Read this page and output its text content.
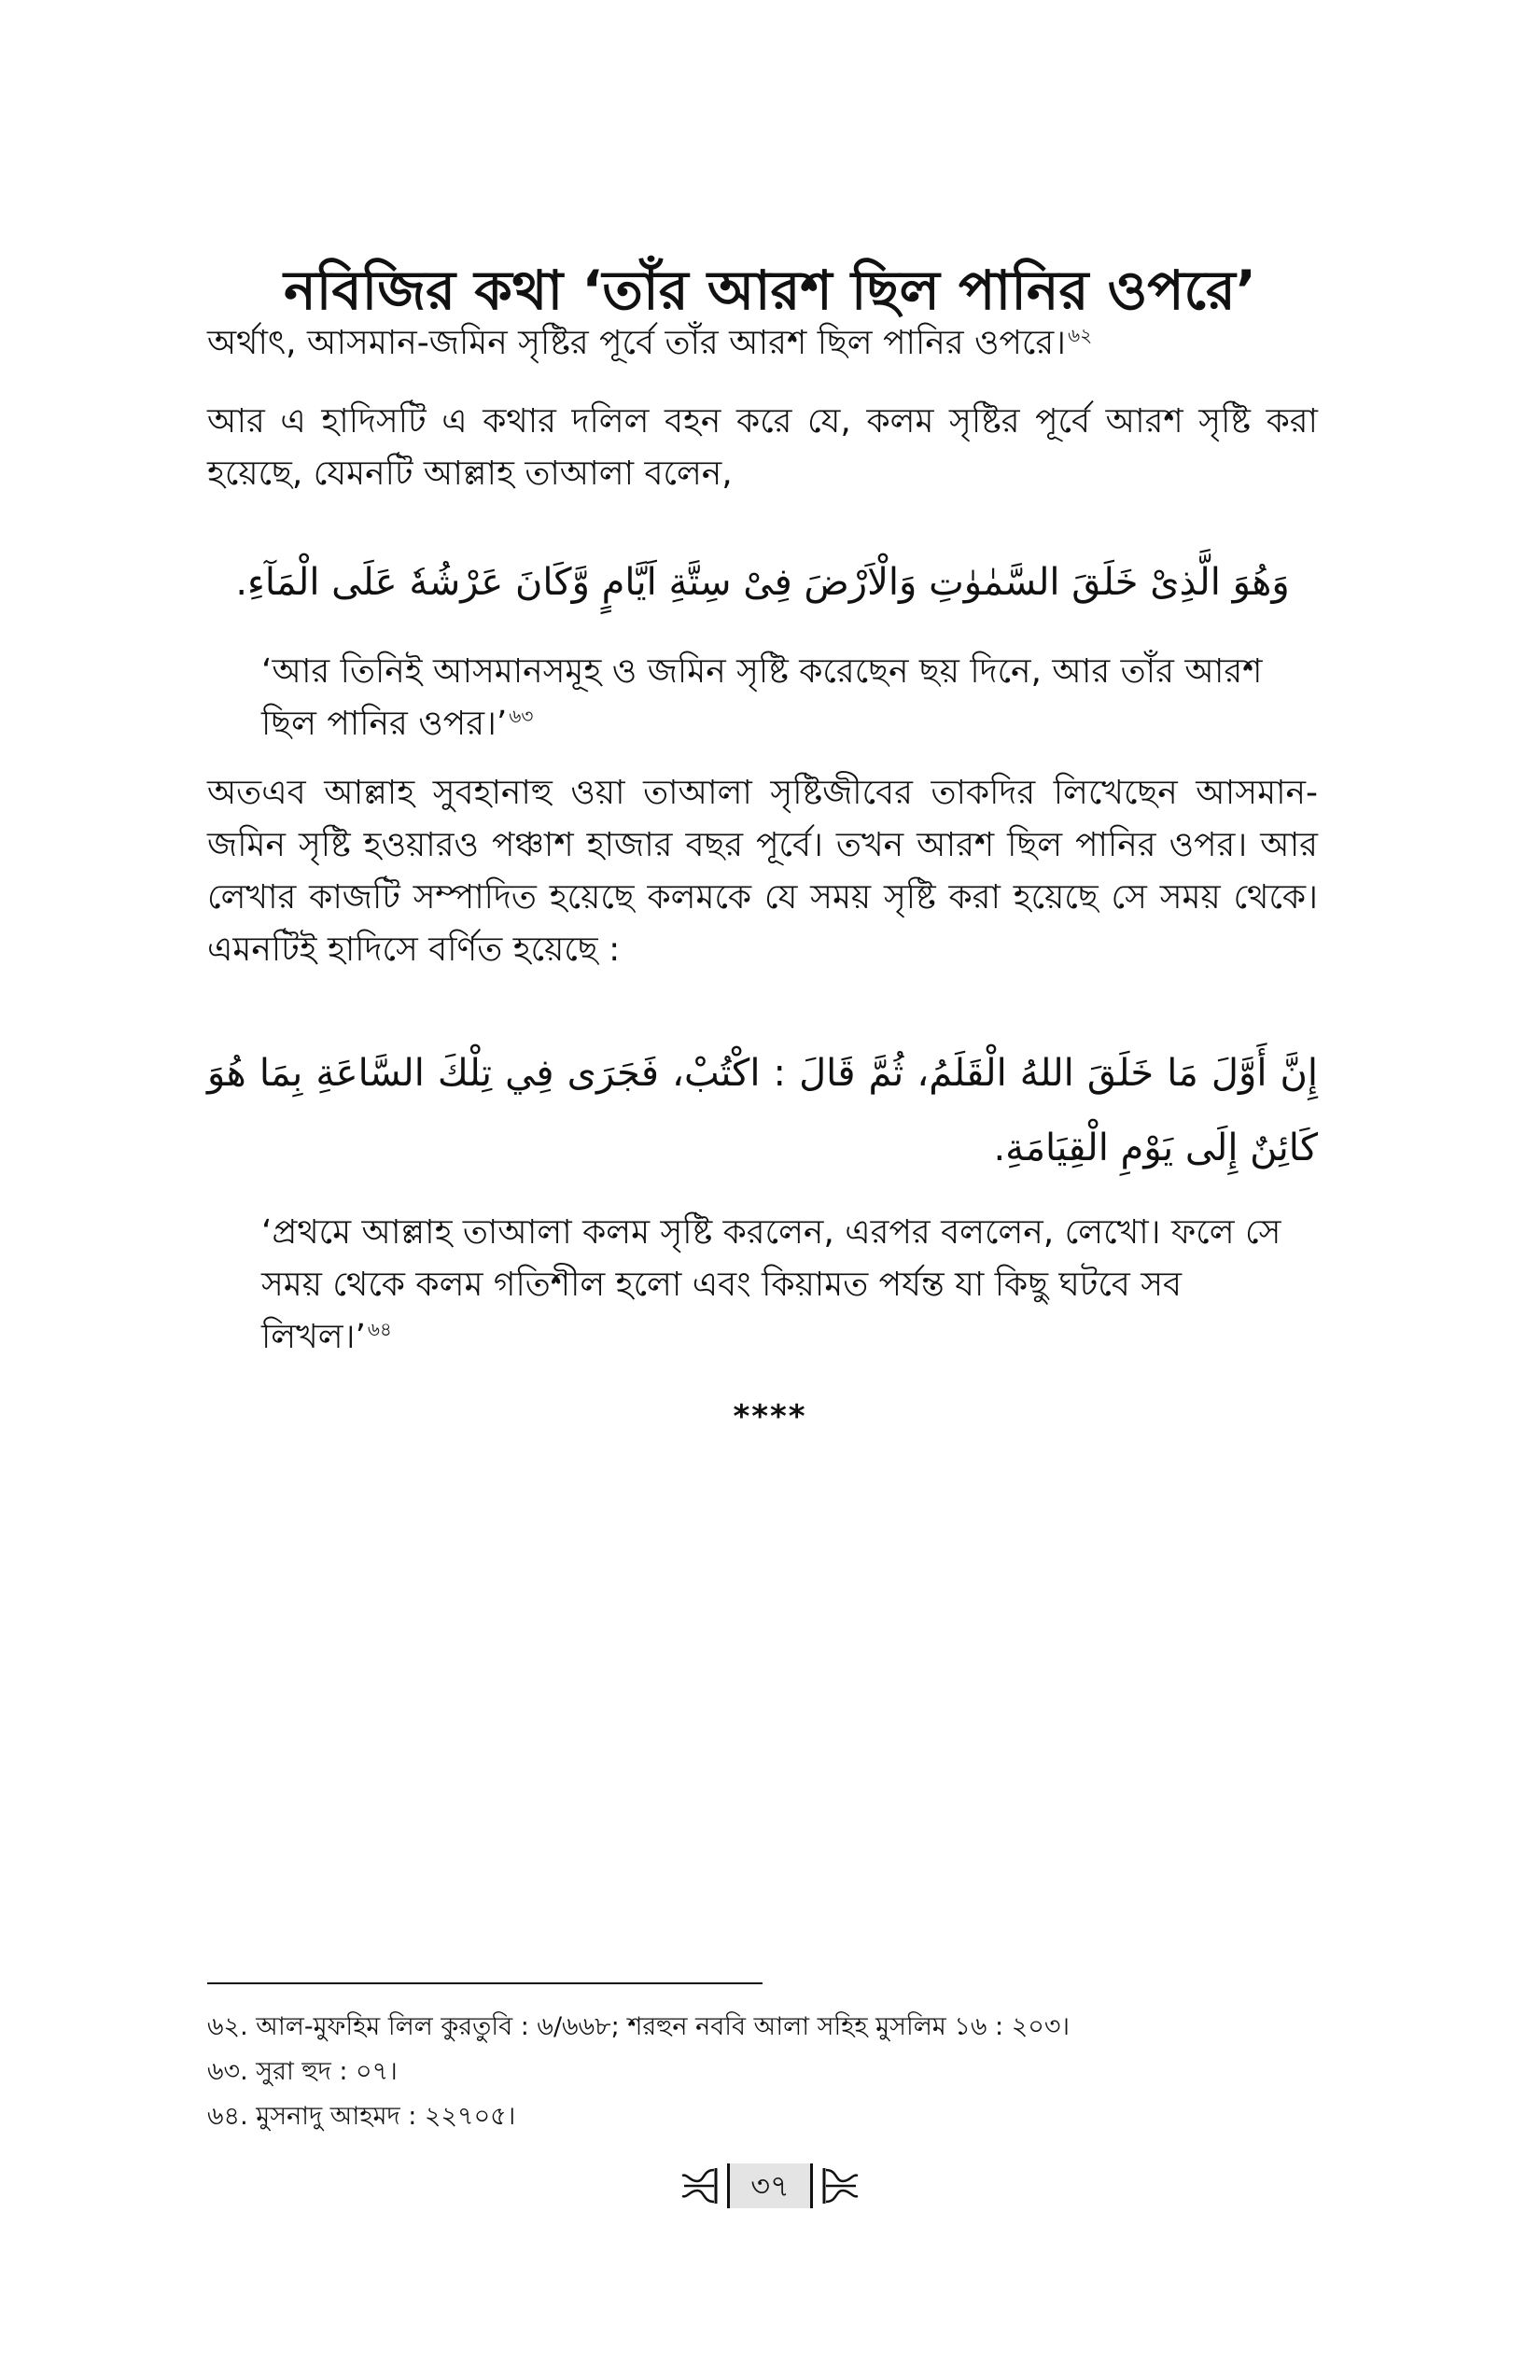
নবিজির কথা ‘তাঁর আরশ ছিল পানির ওপরে’

অর্থাৎ, আসমান-জমিন সৃষ্টির পূর্বে তাঁর আরশ ছিল পানির ওপরে। $^{৬২}$

আর এ হাদিসটি এ কথার দলিল বহন করে যে, কলম সৃষ্টির পূর্বে আরশ সৃষ্টি করা হয়েছে, যেমনটি আল্লাহ তাআলা বলেন,

وَهُوَ الَّذِىْ خَلَقَ السَّمٰوٰتِ وَالْاَرْضَ فِىْ سِتَّةِ اَيَّامٍ وَّكَانَ عَرْشُهٗ عَلَى الْمَآءِ.

‘আর তিনিই আসমানসমূহ ও জমিন সৃষ্টি করেছেন ছয় দিনে, আর তাঁর আরশ ছিল পানির ওপর।’ $^{৬৩}$

অতএব আল্লাহ সুবহানাহু ওয়া তাআলা সৃষ্টিজীবের তাকদির লিখেছেন আসমান-জমিন সৃষ্টি হওয়ারও পঞ্চাশ হাজার বছর পূর্বে। তখন আরশ ছিল পানির ওপর। আর লেখার কাজটি সম্পাদিত হয়েছে কলমকে যে সময় সৃষ্টি করা হয়েছে সে সময় থেকে। এমনটিই হাদিসে বর্ণিত হয়েছে :

إِنَّ أَوَّلَ مَا خَلَقَ اللهُ الْقَلَمُ، ثُمَّ قَالَ : اكْتُبْ، فَجَرَى فِي تِلْكَ السَّاعَةِ بِمَا هُوَ كَائِنٌ إِلَى يَوْمِ الْقِيَامَةِ.

‘প্রথমে আল্লাহ তাআলা কলম সৃষ্টি করলেন, এরপর বললেন, লেখো। ফলে সে সময় থেকে কলম গতিশীল হলো এবং কিয়ামত পর্যন্ত যা কিছু ঘটবে সব লিখল।’ $^{৬৪}$

****

৬২. আল-মুফহিম লিল কুরতুবি : ৬/৬৬৮; শরহুন নববি আলা সহিহ মুসলিম ১৬ : ২০৩।

৬৩. সুরা হুদ : ০৭।

৬৪. মুসনাদু আহমদ : ২২৭০৫।

৩৭
